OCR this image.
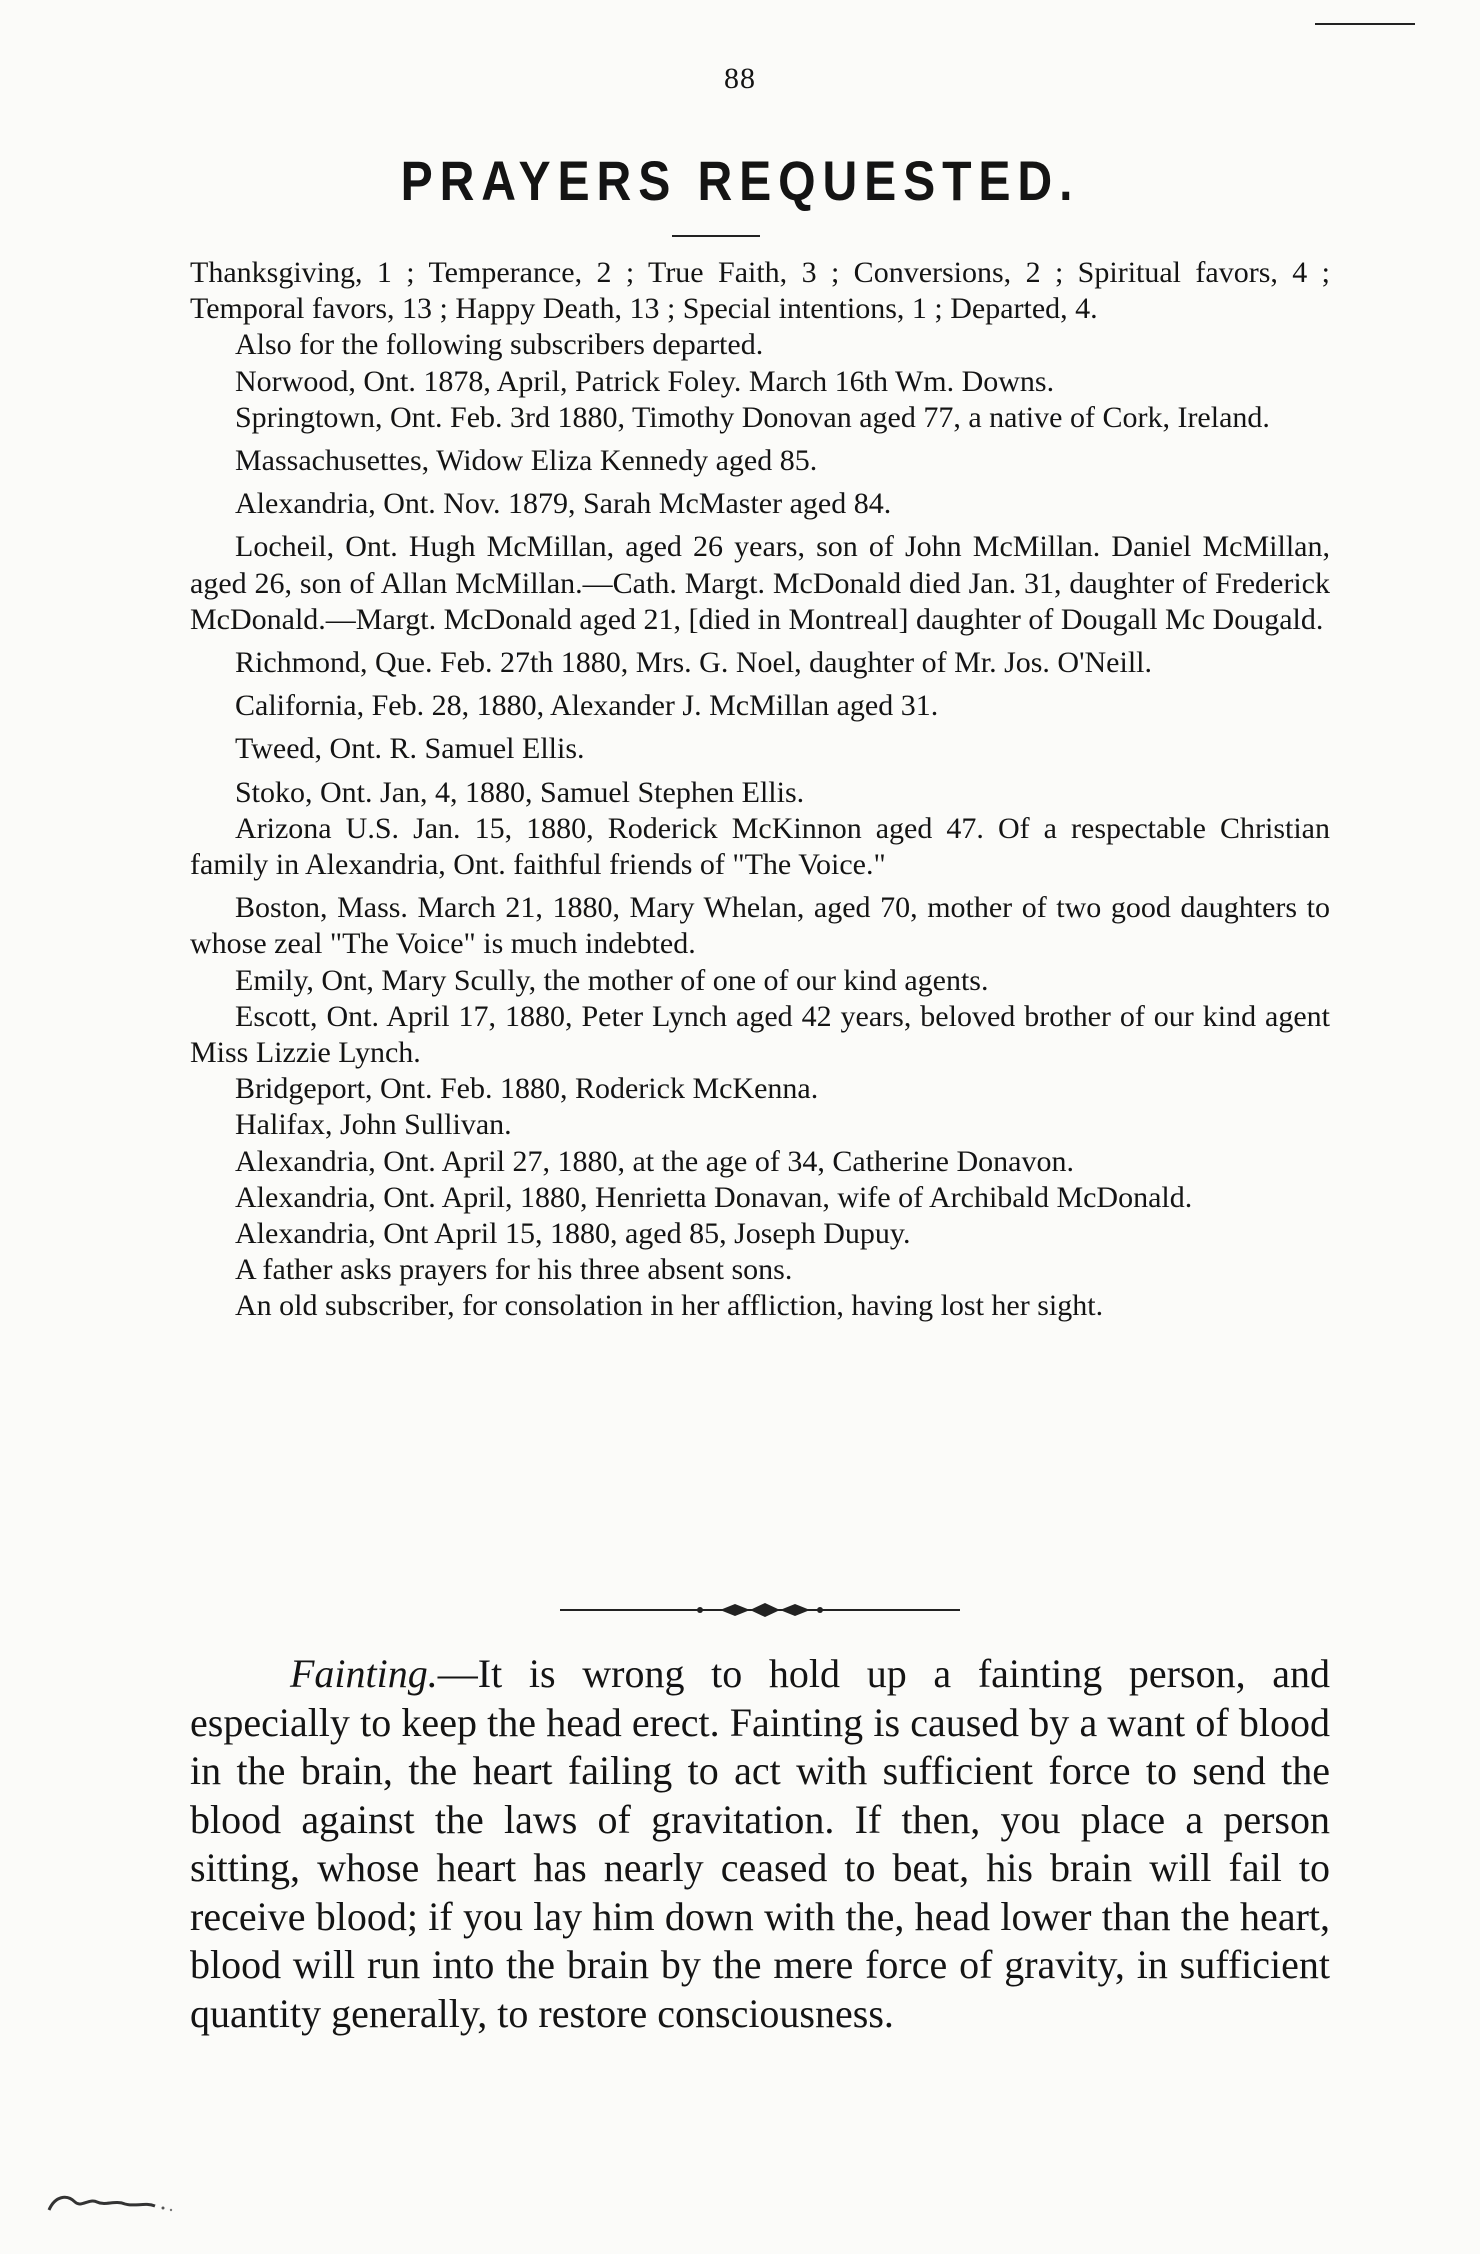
88
PRAYERS REQUESTED.

Thanksgiving, 1 ; Temperance, 2 ; True Faith, 3 ; Conversions, 2 ; Spiritual favors, 4 ; Temporal favors, 13 ; Happy Death, 13 ; Special intentions, 1 ; Departed, 4.

Also for the following subscribers departed.

Norwood, Ont. 1878, April, Patrick Foley. March 16th Wm. Downs.

Springtown, Ont. Feb. 3rd 1880, Timothy Donovan aged 77, a native of Cork, Ireland.

Massachusettes, Widow Eliza Kennedy aged 85.

Alexandria, Ont. Nov. 1879, Sarah McMaster aged 84.

Locheil, Ont. Hugh McMillan, aged 26 years, son of John McMillan. Daniel McMillan, aged 26, son of Allan McMillan.—Cath. Margt. McDonald died Jan. 31, daughter of Frederick McDonald.—Margt. McDonald aged 21, [died in Montreal] daughter of Dougall Mc Dougald.

Richmond, Que. Feb. 27th 1880, Mrs. G. Noel, daughter of Mr. Jos. O'Neill.

California, Feb. 28, 1880, Alexander J. McMillan aged 31.

Tweed, Ont. R. Samuel Ellis.

Stoko, Ont. Jan, 4, 1880, Samuel Stephen Ellis.

Arizona U.S. Jan. 15, 1880, Roderick McKinnon aged 47. Of a respectable Christian family in Alexandria, Ont. faithful friends of "The Voice."

Boston, Mass. March 21, 1880, Mary Whelan, aged 70, mother of two good daughters to whose zeal "The Voice" is much indebted.

Emily, Ont, Mary Scully, the mother of one of our kind agents.

Escott, Ont. April 17, 1880, Peter Lynch aged 42 years, beloved brother of our kind agent Miss Lizzie Lynch.

Bridgeport, Ont. Feb. 1880, Roderick McKenna.

Halifax, John Sullivan.

Alexandria, Ont. April 27, 1880, at the age of 34, Catherine Donavon.

Alexandria, Ont. April, 1880, Henrietta Donavan, wife of Archibald McDonald.

Alexandria, Ont April 15, 1880, aged 85, Joseph Dupuy.

A father asks prayers for his three absent sons.

An old subscriber, for consolation in her affliction, having lost her sight.

Fainting.—It is wrong to hold up a fainting person, and especially to keep the head erect. Fainting is caused by a want of blood in the brain, the heart failing to act with sufficient force to send the blood against the laws of gravitation. If then, you place a person sitting, whose heart has nearly ceased to beat, his brain will fail to receive blood; if you lay him down with the, head lower than the heart, blood will run into the brain by the mere force of gravity, in sufficient quantity generally, to restore consciousness.
